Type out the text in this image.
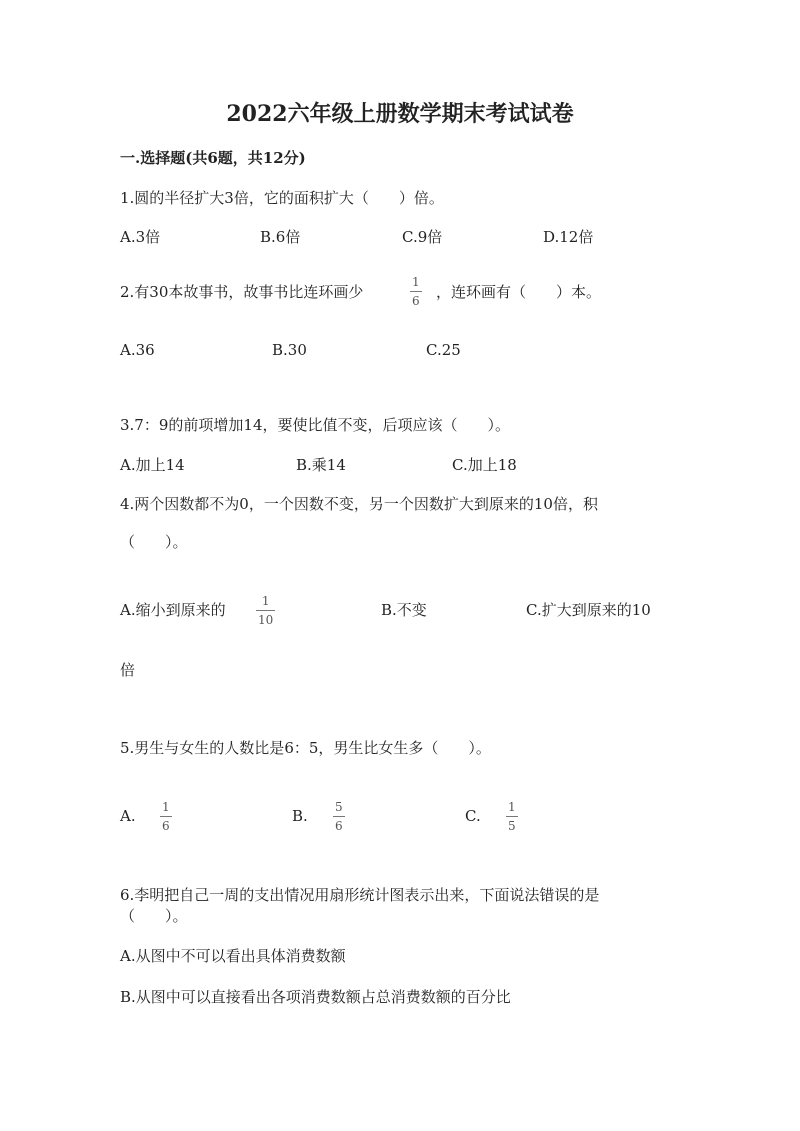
2022六年级上册数学期末考试试卷
一.选择题(共6题，共12分)
1.圆的半径扩大3倍，它的面积扩大（　　）倍。
A.3倍	B.6倍	C.9倍	D.12倍
2.有30本故事书，故事书比连环画少
1
6 ，连环画有（　　）本。
A.36	B.30	C.25
3.7：9的前项增加14，要使比值不变，后项应该（　　）。
A.加上14	B.乘14	C.加上18
4.两个因数都不为0，一个因数不变，另一个因数扩大到原来的10倍，积
（　　）。
A.缩小到原来的	1
10
B.不变	C.扩大到原来的10
倍
5.男生与女生的人数比是6：5，男生比女生多（　　）。
A. 1
6
B. 5
6
C. 1
5
6.李明把自己一周的支出情况用扇形统计图表示出来，下面说法错误的是
（　　）。
A.从图中不可以看出具体消费数额
B.从图中可以直接看出各项消费数额占总消费数额的百分比
